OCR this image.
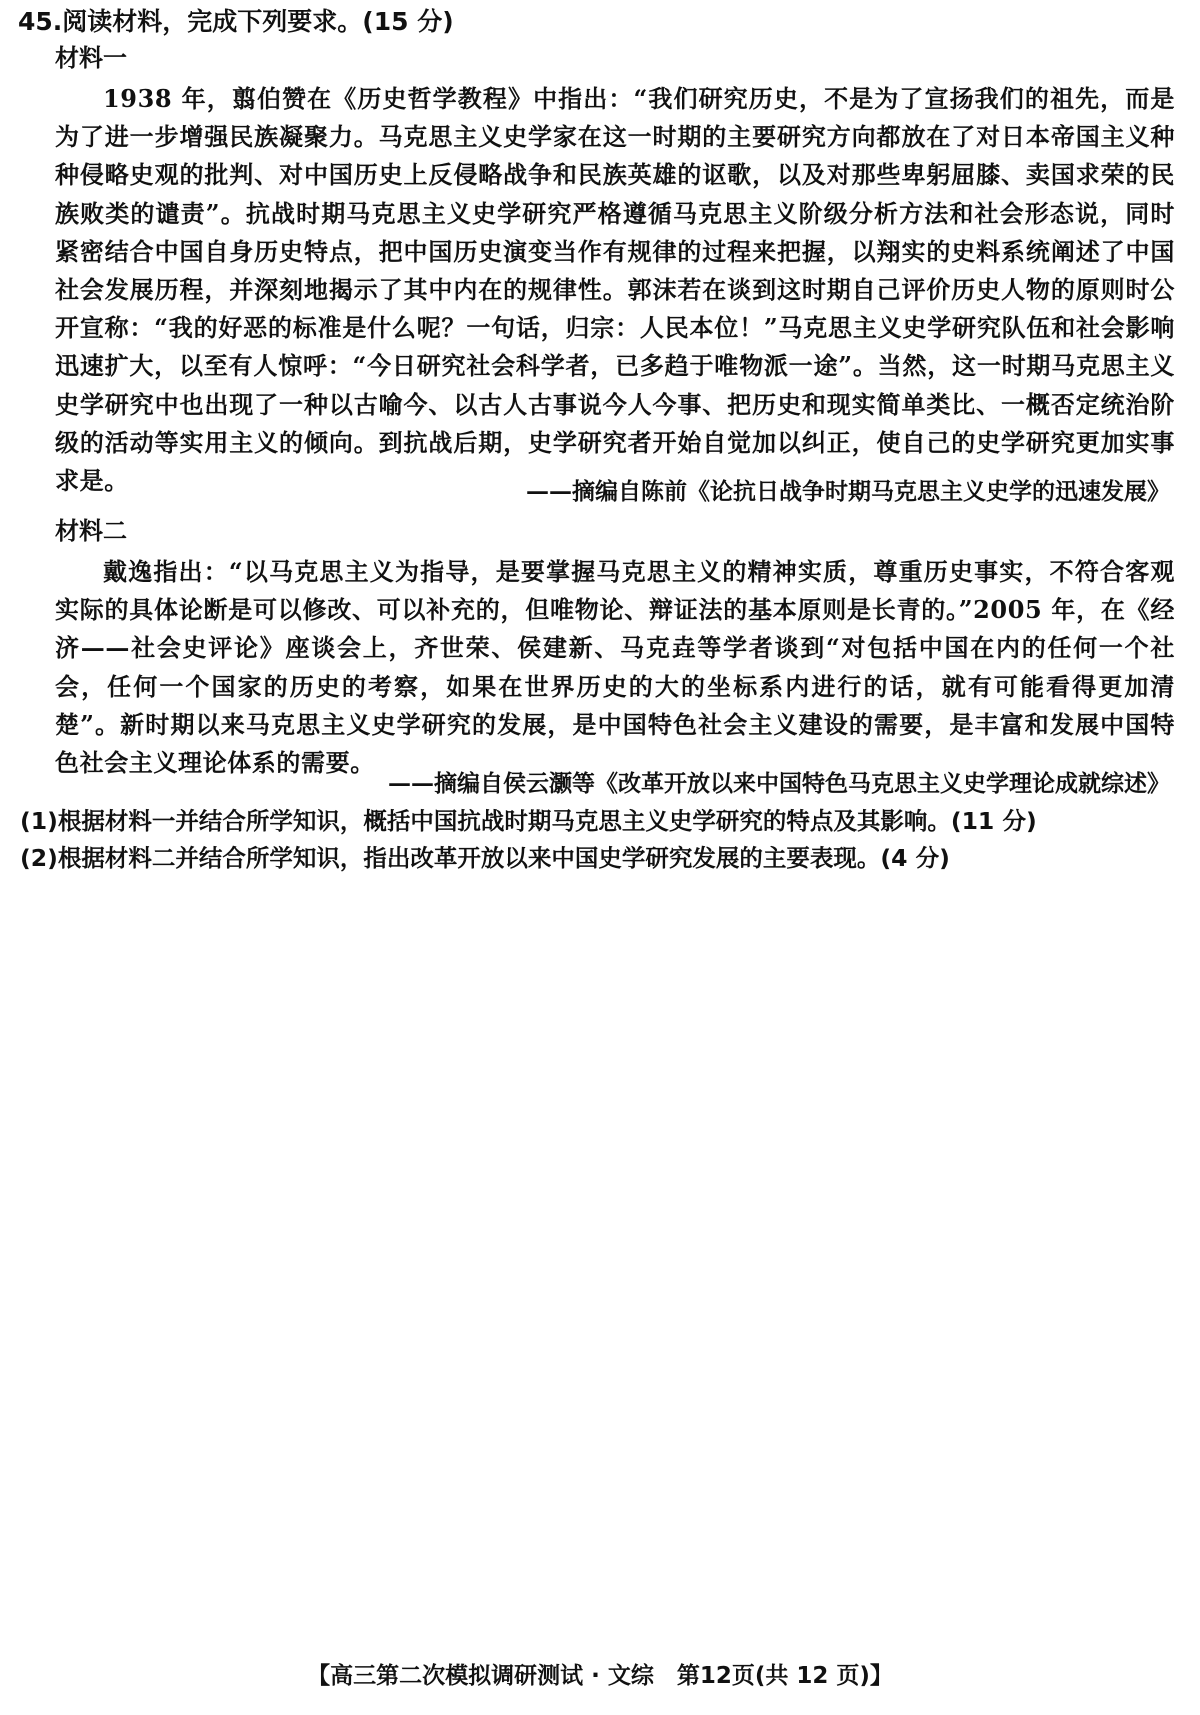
45.阅读材料，完成下列要求。(15 分)
材料一
1938 年，翦伯赞在《历史哲学教程》中指出：“我们研究历史，不是为了宣扬我们的祖先，而是为了进一步增强民族凝聚力。马克思主义史学家在这一时期的主要研究方向都放在了对日本帝国主义种种侵略史观的批判、对中国历史上反侵略战争和民族英雄的讴歌，以及对那些卑躬屈膝、卖国求荣的民族败类的谴责”。抗战时期马克思主义史学研究严格遵循马克思主义阶级分析方法和社会形态说，同时紧密结合中国自身历史特点，把中国历史演变当作有规律的过程来把握，以翔实的史料系统阐述了中国社会发展历程，并深刻地揭示了其中内在的规律性。郭沫若在谈到这时期自己评价历史人物的原则时公开宣称：“我的好恶的标准是什么呢？一句话，归宗：人民本位！”马克思主义史学研究队伍和社会影响迅速扩大，以至有人惊呼：“今日研究社会科学者，已多趋于唯物派一途”。当然，这一时期马克思主义史学研究中也出现了一种以古喻今、以古人古事说今人今事、把历史和现实简单类比、一概否定统治阶级的活动等实用主义的倾向。到抗战后期，史学研究者开始自觉加以纠正，使自己的史学研究更加实事求是。	——摘编自陈前《论抗日战争时期马克思主义史学的迅速发展》
材料二
戴逸指出：“以马克思主义为指导，是要掌握马克思主义的精神实质，尊重历史事实，不符合客观实际的具体论断是可以修改、可以补充的，但唯物论、辩证法的基本原则是长青的。”2005 年，在《经济——社会史评论》座谈会上，齐世荣、侯建新、马克垚等学者谈到“对包括中国在内的任何一个社会，任何一个国家的历史的考察，如果在世界历史的大的坐标系内进行的话，就有可能看得更加清楚”。新时期以来马克思主义史学研究的发展，是中国特色社会主义建设的需要，是丰富和发展中国特色社会主义理论体系的需要。
——摘编自侯云灏等《改革开放以来中国特色马克思主义史学理论成就综述》
(1)根据材料一并结合所学知识，概括中国抗战时期马克思主义史学研究的特点及其影响。(11 分)
(2)根据材料二并结合所学知识，指出改革开放以来中国史学研究发展的主要表现。(4 分)
【高三第二次模拟调研测试 · 文综　第12页(共 12 页)】
